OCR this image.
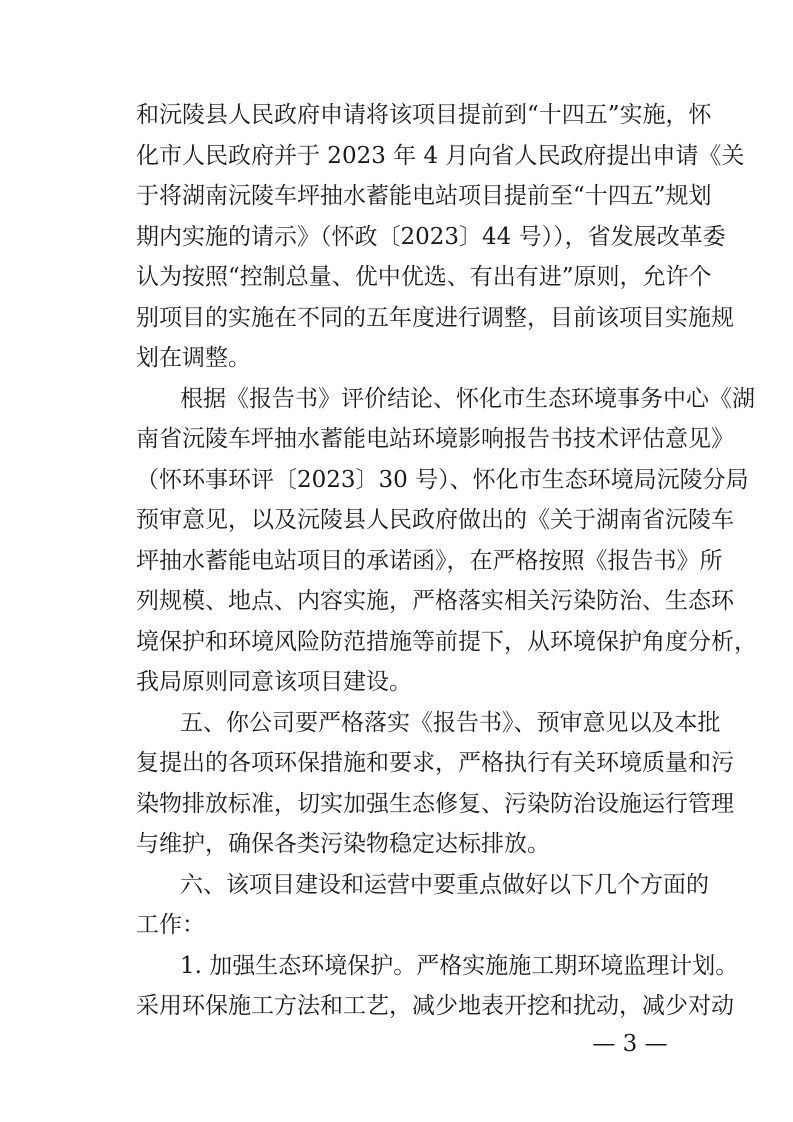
和沅陵县人民政府申请将该项目提前到“十四五”实施，怀
化市人民政府并于 2023 年 4 月向省人民政府提出申请《关
于将湖南沅陵车坪抽水蓄能电站项目提前至“十四五”规划
期内实施的请示》（怀政〔2023〕44 号）），省发展改革委
认为按照“控制总量、优中优选、有出有进”原则，允许个
别项目的实施在不同的五年度进行调整，目前该项目实施规
划在调整。
根据《报告书》评价结论、怀化市生态环境事务中心《湖
南省沅陵车坪抽水蓄能电站环境影响报告书技术评估意见》
（怀环事环评〔2023〕30 号）、怀化市生态环境局沅陵分局
预审意见，以及沅陵县人民政府做出的《关于湖南省沅陵车
坪抽水蓄能电站项目的承诺函》，在严格按照《报告书》所
列规模、地点、内容实施，严格落实相关污染防治、生态环
境保护和环境风险防范措施等前提下，从环境保护角度分析，
我局原则同意该项目建设。
五、你公司要严格落实《报告书》、预审意见以及本批
复提出的各项环保措施和要求，严格执行有关环境质量和污
染物排放标准，切实加强生态修复、污染防治设施运行管理
与维护，确保各类污染物稳定达标排放。
六、该项目建设和运营中要重点做好以下几个方面的
工作：
1. 加强生态环境保护。严格实施施工期环境监理计划。
采用环保施工方法和工艺，减少地表开挖和扰动，减少对动
— 3 —
